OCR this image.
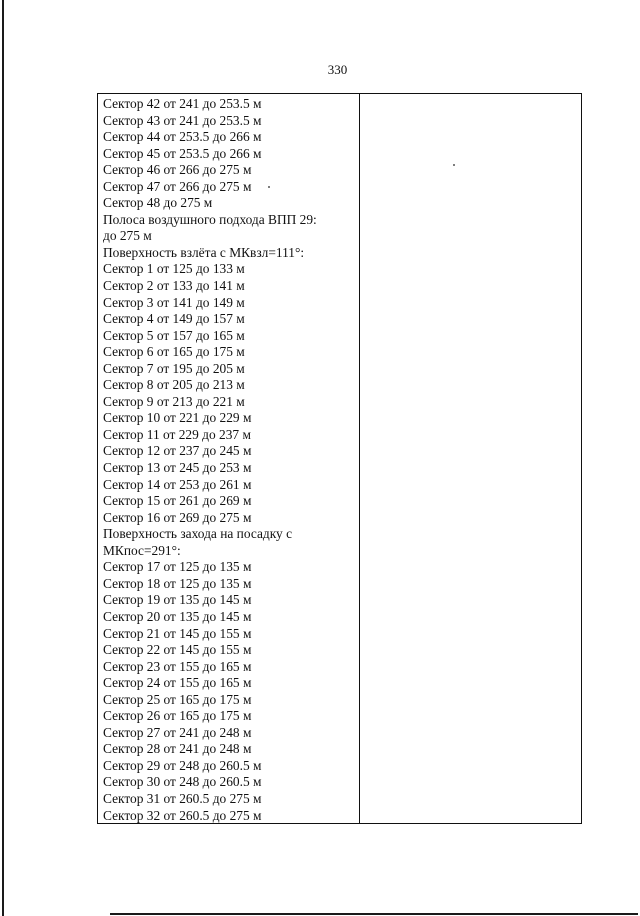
330
Сектор 42 от 241 до 253.5 м
Сектор 43 от 241 до 253.5 м
Сектор 44 от 253.5 до 266 м
Сектор 45 от 253.5 до 266 м
Сектор 46 от 266 до 275 м
Сектор 47 от 266 до 275 м
Сектор 48 до 275 м
Полоса воздушного подхода ВПП 29:
до 275 м
Поверхность взлёта с МКвзл=111°:
Сектор 1 от 125 до 133 м
Сектор 2 от 133 до 141 м
Сектор 3 от 141 до 149 м
Сектор 4 от 149 до 157 м
Сектор 5 от 157 до 165 м
Сектор 6 от 165 до 175 м
Сектор 7 от 195 до 205 м
Сектор 8 от 205 до 213 м
Сектор 9 от 213 до 221 м
Сектор 10 от 221 до 229 м
Сектор 11 от 229 до 237 м
Сектор 12 от 237 до 245 м
Сектор 13 от 245 до 253 м
Сектор 14 от 253 до 261 м
Сектор 15 от 261 до 269 м
Сектор 16 от 269 до 275 м
Поверхность захода на посадку с
МКпос=291°:
Сектор 17 от 125 до 135 м
Сектор 18 от 125 до 135 м
Сектор 19 от 135 до 145 м
Сектор 20 от 135 до 145 м
Сектор 21 от 145 до 155 м
Сектор 22 от 145 до 155 м
Сектор 23 от 155 до 165 м
Сектор 24 от 155 до 165 м
Сектор 25 от 165 до 175 м
Сектор 26 от 165 до 175 м
Сектор 27 от 241 до 248 м
Сектор 28 от 241 до 248 м
Сектор 29 от 248 до 260.5 м
Сектор 30 от 248 до 260.5 м
Сектор 31 от 260.5 до 275 м
Сектор 32 от 260.5 до 275 м
